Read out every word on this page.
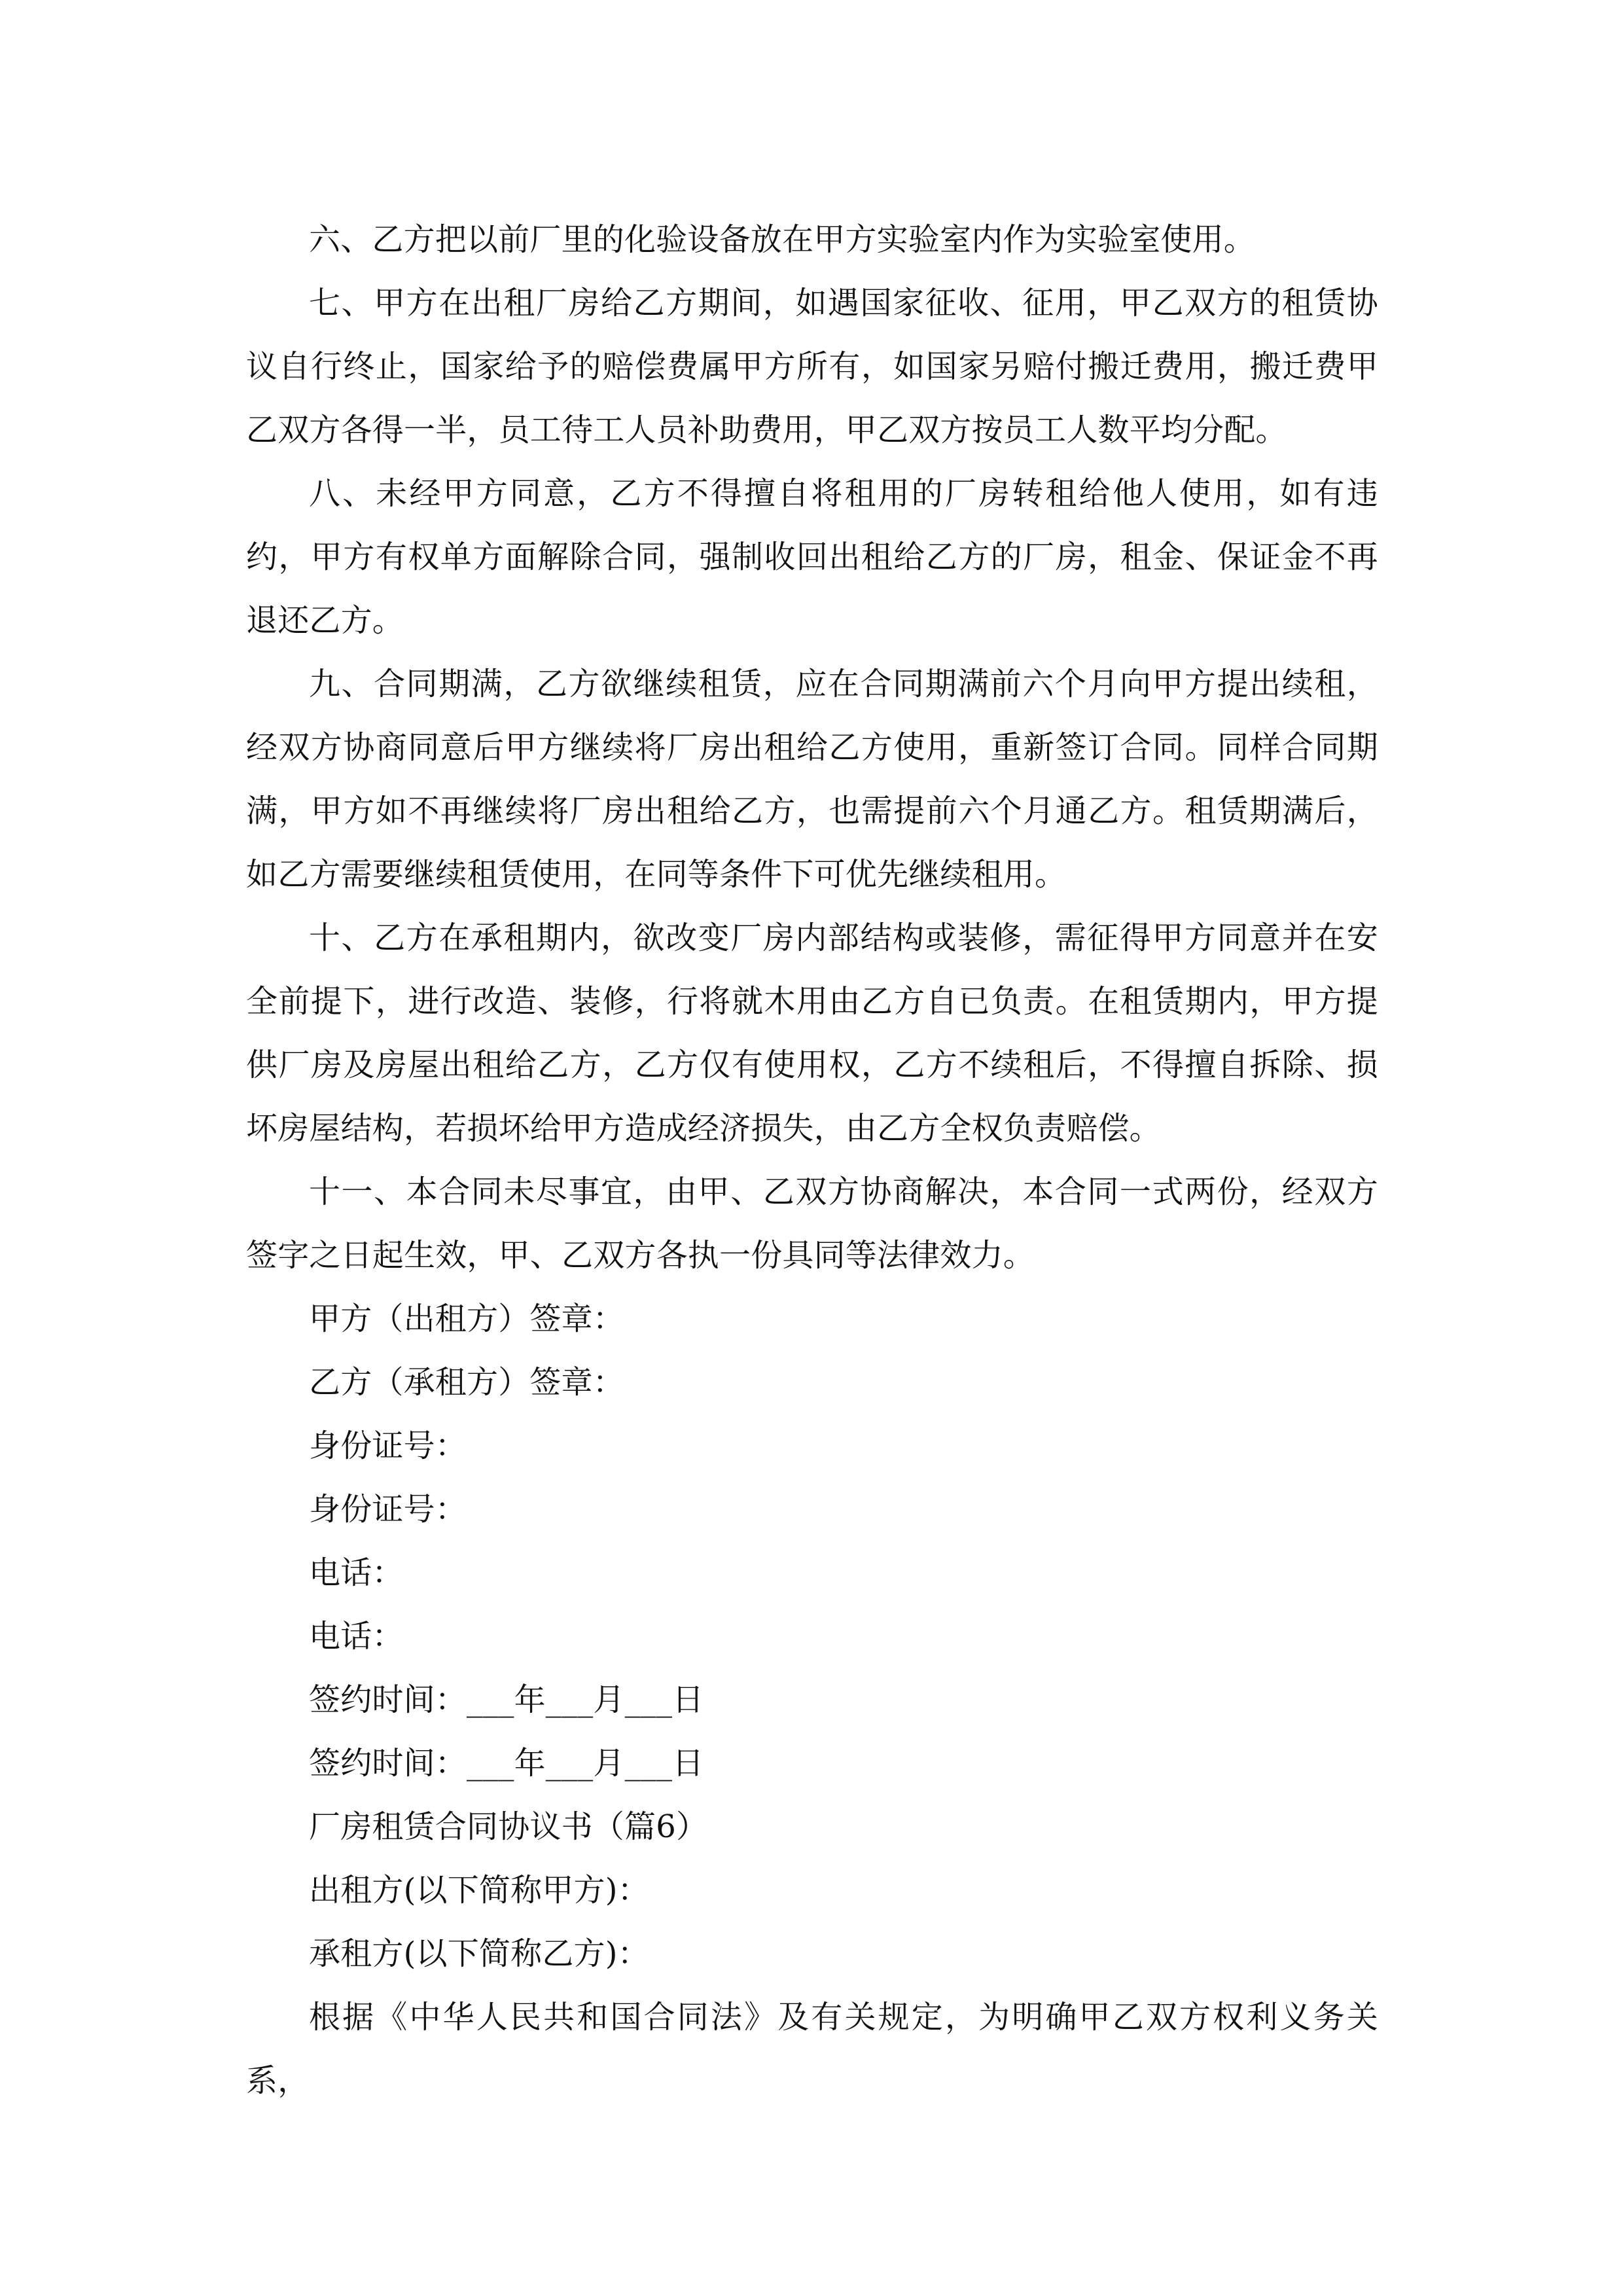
六、乙方把以前厂里的化验设备放在甲方实验室内作为实验室使用。

七、甲方在出租厂房给乙方期间，如遇国家征收、征用，甲乙双方的租赁协议自行终止，国家给予的赔偿费属甲方所有，如国家另赔付搬迁费用，搬迁费甲乙双方各得一半，员工待工人员补助费用，甲乙双方按员工人数平均分配。

八、未经甲方同意，乙方不得擅自将租用的厂房转租给他人使用，如有违约，甲方有权单方面解除合同，强制收回出租给乙方的厂房，租金、保证金不再退还乙方。

九、合同期满，乙方欲继续租赁，应在合同期满前六个月向甲方提出续租，经双方协商同意后甲方继续将厂房出租给乙方使用，重新签订合同。同样合同期满，甲方如不再继续将厂房出租给乙方，也需提前六个月通乙方。租赁期满后，如乙方需要继续租赁使用，在同等条件下可优先继续租用。

十、乙方在承租期内，欲改变厂房内部结构或装修，需征得甲方同意并在安全前提下，进行改造、装修，行将就木用由乙方自已负责。在租赁期内，甲方提供厂房及房屋出租给乙方，乙方仅有使用权，乙方不续租后，不得擅自拆除、损坏房屋结构，若损坏给甲方造成经济损失，由乙方全权负责赔偿。

十一、本合同未尽事宜，由甲、乙双方协商解决，本合同一式两份，经双方签字之日起生效，甲、乙双方各执一份具同等法律效力。

甲方（出租方）签章：

乙方（承租方）签章：

身份证号：

身份证号：

电话：

电话：

签约时间：___年___月___日

签约时间：___年___月___日

厂房租赁合同协议书（篇6）

出租方(以下简称甲方)：

承租方(以下简称乙方)：

根据《中华人民共和国合同法》及有关规定，为明确甲乙双方权利义务关系，
